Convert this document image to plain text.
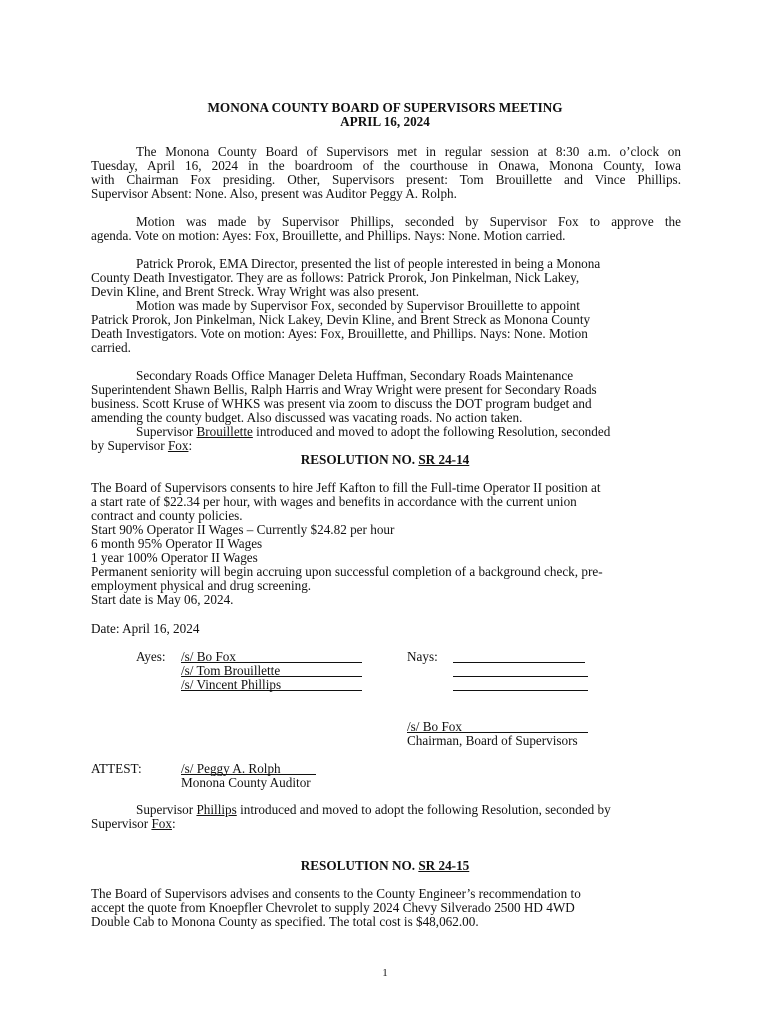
MONONA COUNTY BOARD OF SUPERVISORS MEETING
APRIL 16, 2024
The Monona County Board of Supervisors met in regular session at 8:30 a.m. o’clock on
Tuesday, April 16, 2024 in the boardroom of the courthouse in Onawa, Monona County, Iowa
with Chairman Fox presiding. Other, Supervisors present: Tom Brouillette and Vince Phillips.
Supervisor Absent: None. Also, present was Auditor Peggy A. Rolph.
Motion was made by Supervisor Phillips, seconded by Supervisor Fox to approve the
agenda. Vote on motion: Ayes: Fox, Brouillette, and Phillips. Nays: None. Motion carried.
Patrick Prorok, EMA Director, presented the list of people interested in being a Monona
County Death Investigator. They are as follows: Patrick Prorok, Jon Pinkelman, Nick Lakey,
Devin Kline, and Brent Streck. Wray Wright was also present.
Motion was made by Supervisor Fox, seconded by Supervisor Brouillette to appoint
Patrick Prorok, Jon Pinkelman, Nick Lakey, Devin Kline, and Brent Streck as Monona County
Death Investigators. Vote on motion: Ayes: Fox, Brouillette, and Phillips. Nays: None. Motion
carried.
Secondary Roads Office Manager Deleta Huffman, Secondary Roads Maintenance
Superintendent Shawn Bellis, Ralph Harris and Wray Wright were present for Secondary Roads
business. Scott Kruse of WHKS was present via zoom to discuss the DOT program budget and
amending the county budget. Also discussed was vacating roads. No action taken.
Supervisor Brouillette introduced and moved to adopt the following Resolution, seconded
by Supervisor Fox:
RESOLUTION NO. SR 24-14
The Board of Supervisors consents to hire Jeff Kafton to fill the Full-time Operator II position at
a start rate of $22.34 per hour, with wages and benefits in accordance with the current union
contract and county policies.
Start 90% Operator II Wages – Currently $24.82 per hour
6 month 95% Operator II Wages
1 year 100% Operator II Wages
Permanent seniority will begin accruing upon successful completion of a background check, pre-
employment physical and drug screening.
Start date is May 06, 2024.
Date: April 16, 2024
Ayes: /s/ Bo Fox
/s/ Tom Brouillette
/s/ Vincent Phillips
Nays:
/s/ Bo Fox
Chairman, Board of Supervisors
ATTEST:	/s/ Peggy A. Rolph
Monona County Auditor
Supervisor Phillips introduced and moved to adopt the following Resolution, seconded by
Supervisor Fox:
RESOLUTION NO. SR 24-15
The Board of Supervisors advises and consents to the County Engineer’s recommendation to
accept the quote from Knoepfler Chevrolet to supply 2024 Chevy Silverado 2500 HD 4WD
Double Cab to Monona County as specified. The total cost is $48,062.00.
1
